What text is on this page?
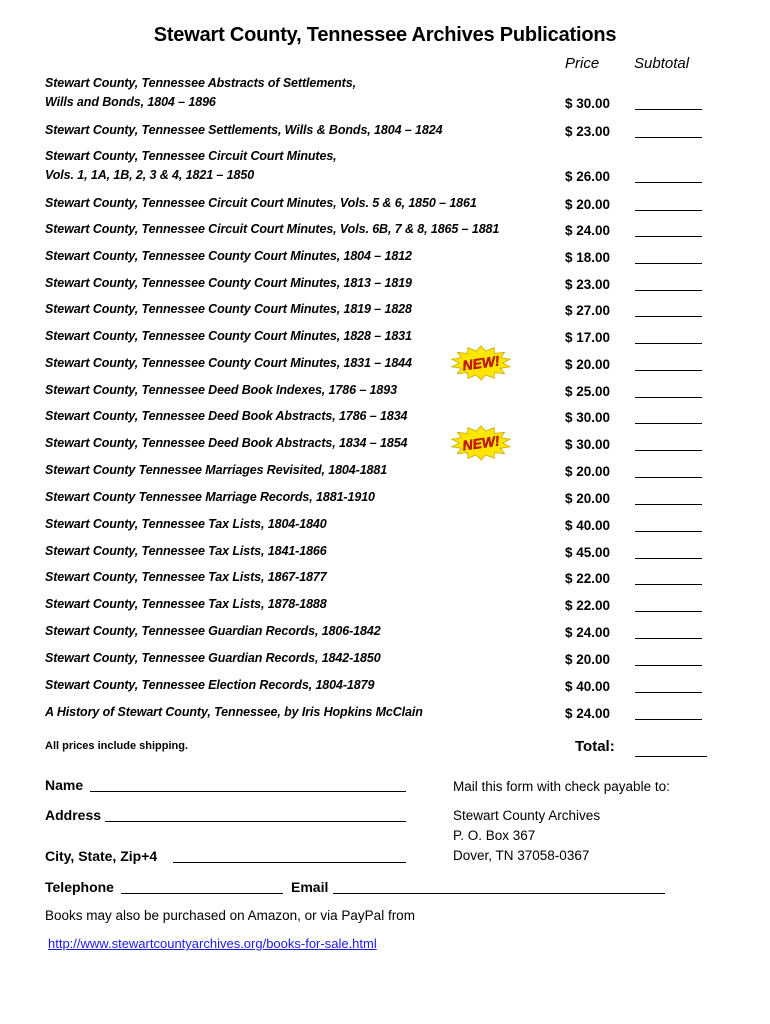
Stewart County, Tennessee Archives Publications
Price Subtotal
Stewart County, Tennessee Abstracts of Settlements,
Wills and Bonds, 1804 – 1896	$ 30.00
Stewart County, Tennessee Settlements, Wills & Bonds, 1804 – 1824	$ 23.00
Stewart County, Tennessee Circuit Court Minutes,
Vols. 1, 1A, 1B, 2, 3 & 4, 1821 – 1850	$ 26.00
Stewart County, Tennessee Circuit Court Minutes, Vols. 5 & 6, 1850 – 1861	$ 20.00
Stewart County, Tennessee Circuit Court Minutes, Vols. 6B, 7 & 8, 1865 – 1881	$ 24.00
Stewart County, Tennessee County Court Minutes, 1804 – 1812	$ 18.00
Stewart County, Tennessee County Court Minutes, 1813 – 1819	$ 23.00
Stewart County, Tennessee County Court Minutes, 1819 – 1828	$ 27.00
Stewart County, Tennessee County Court Minutes, 1828 – 1831	$ 17.00
Stewart County, Tennessee County Court Minutes, 1831 – 1844	$ 20.00
NEW!
Stewart County, Tennessee Deed Book Indexes, 1786 – 1893	$ 25.00
Stewart County, Tennessee Deed Book Abstracts, 1786 – 1834	$ 30.00
Stewart County, Tennessee Deed Book Abstracts, 1834 – 1854	$ 30.00
NEW!
Stewart County Tennessee Marriages Revisited, 1804-1881	$ 20.00
Stewart County Tennessee Marriage Records, 1881-1910	$ 20.00
Stewart County, Tennessee Tax Lists, 1804-1840	$ 40.00
Stewart County, Tennessee Tax Lists, 1841-1866	$ 45.00
Stewart County, Tennessee Tax Lists, 1867-1877	$ 22.00
Stewart County, Tennessee Tax Lists, 1878-1888	$ 22.00
Stewart County, Tennessee Guardian Records, 1806-1842	$ 24.00
Stewart County, Tennessee Guardian Records, 1842-1850	$ 20.00
Stewart County, Tennessee Election Records, 1804-1879	$ 40.00
A History of Stewart County, Tennessee, by Iris Hopkins McClain	$ 24.00
All prices include shipping.	Total:
Name
Address
City, State, Zip+4
Telephone	Email
Mail this form with check payable to:
Stewart County Archives
P. O. Box 367
Dover, TN 37058-0367
Books may also be purchased on Amazon, or via PayPal from
http://www.stewartcountyarchives.org/books-for-sale.html
